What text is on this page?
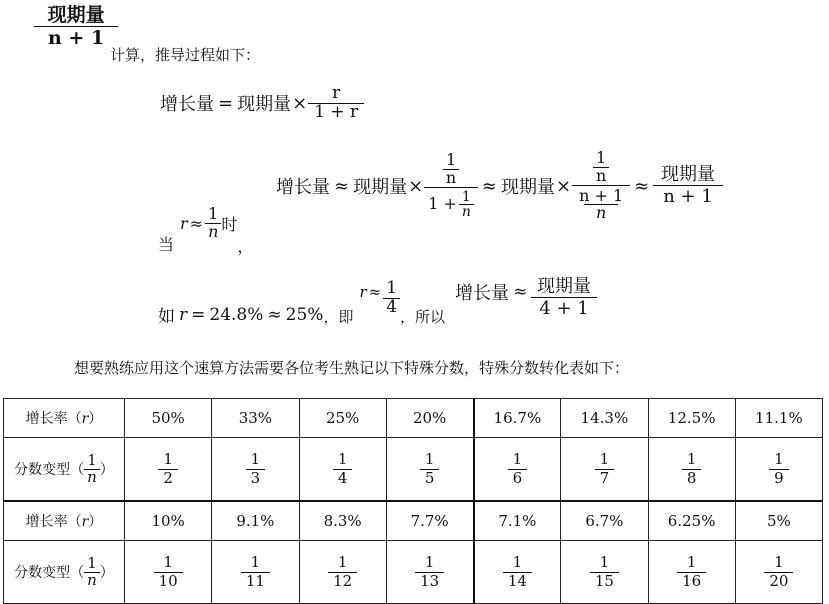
$\frac{\text{现期量}}{n + 1}$
计算，推导过程如下：
增长量 = 现期量 × $\frac{r}{1 + r}$
当
$r \approx \frac{1}{n}$ 时
，
增长量 ≈ 现期量 × $\frac{\frac{1}{n}}{1 + \frac{1}{n}}$ ≈ 现期量 × $\frac{\frac{1}{n}}{\frac{n + 1}{n}} \approx \frac{\text{现期量}}{n + 1}$
如 r = 24.8% ≈ 25% ，即
$r \approx \frac{1}{4}$
，所以
增长量 ≈ $\frac{\text{现期量}}{4 + 1}$
想要熟练应用这个速算方法需要各位考生熟记以下特殊分数，特殊分数转化表如下：
增长率（r）	50%	33%	25%	20%	16.7%	14.3%	12.5%	11.1%

分数变型（ $\frac{1}{n}$ ）	$\frac{1}{2}$	$\frac{1}{3}$	$\frac{1}{4}$	$\frac{1}{5}$	$\frac{1}{6}$	$\frac{1}{7}$	$\frac{1}{8}$	$\frac{1}{9}$

增长率（r）	10%	9.1%	8.3%	7.7%	7.1%	6.7%	6.25%	5%

分数变型（ $\frac{1}{n}$ ）	$\frac{1}{10}$	$\frac{1}{11}$	$\frac{1}{12}$	$\frac{1}{13}$	$\frac{1}{14}$	$\frac{1}{15}$	$\frac{1}{16}$	$\frac{1}{20}$
